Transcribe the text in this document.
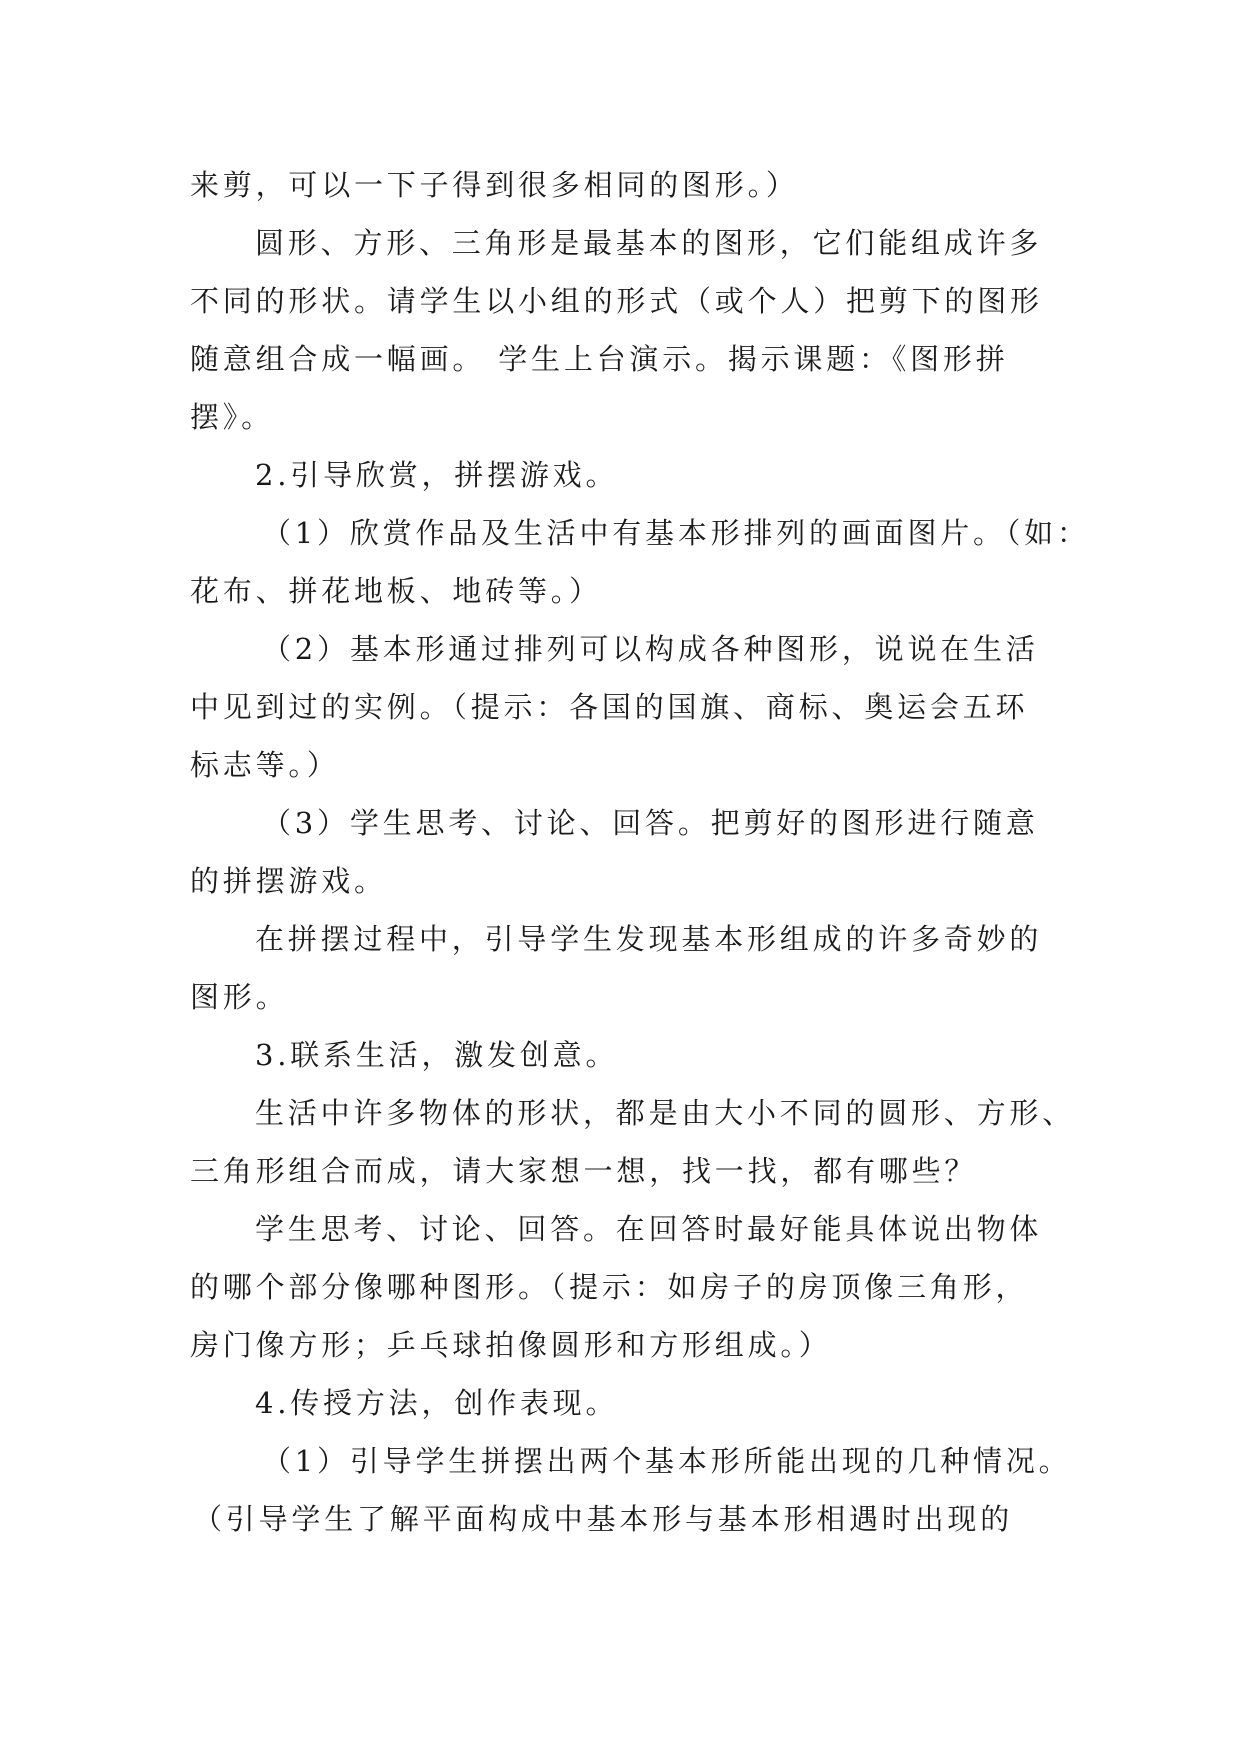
来剪，可以一下子得到很多相同的图形。）
圆形、方形、三角形是最基本的图形，它们能组成许多
不同的形状。请学生以小组的形式（或个人）把剪下的图形
随意组合成一幅画。 学生上台演示。揭示课题：《图形拼
摆》。
2.引导欣赏，拼摆游戏。
（1）欣赏作品及生活中有基本形排列的画面图片。（如：
花布、拼花地板、地砖等。）
（2）基本形通过排列可以构成各种图形，说说在生活
中见到过的实例。（提示：各国的国旗、商标、奥运会五环
标志等。）
（3）学生思考、讨论、回答。把剪好的图形进行随意
的拼摆游戏。
在拼摆过程中，引导学生发现基本形组成的许多奇妙的
图形。
3.联系生活，激发创意。
生活中许多物体的形状，都是由大小不同的圆形、方形、
三角形组合而成，请大家想一想，找一找，都有哪些？
学生思考、讨论、回答。在回答时最好能具体说出物体
的哪个部分像哪种图形。（提示：如房子的房顶像三角形，
房门像方形；乒乓球拍像圆形和方形组成。）
4.传授方法，创作表现。
（1）引导学生拼摆出两个基本形所能出现的几种情况。
（引导学生了解平面构成中基本形与基本形相遇时出现的
